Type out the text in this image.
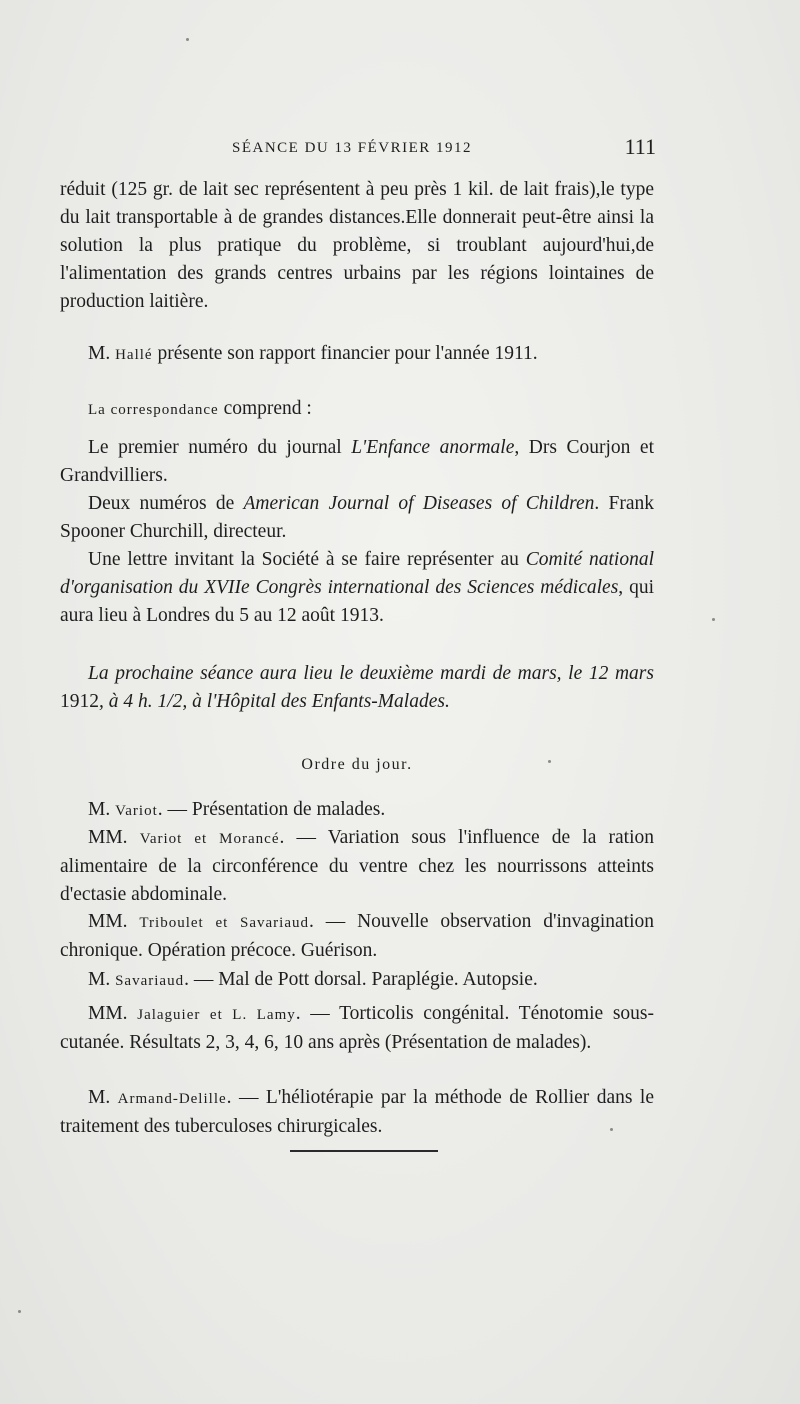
SÉANCE DU 13 FÉVRIER 1912	111

réduit (125 gr. de lait sec représentent à peu près 1 kil. de lait frais),le type du lait transportable à de grandes distances.Elle donnerait peut-être ainsi la solution la plus pratique du problème, si troublant aujourd'hui,de l'alimentation des grands centres urbains par les régions lointaines de production laitière.

M. Hallé présente son rapport financier pour l'année 1911.

La correspondance comprend :

Le premier numéro du journal L'Enfance anormale, Drs Courjon et Grandvilliers.

Deux numéros de American Journal of Diseases of Children. Frank Spooner Churchill, directeur.

Une lettre invitant la Société à se faire représenter au Comité national d'organisation du XVIIe Congrès international des Sciences médicales, qui aura lieu à Londres du 5 au 12 août 1913.

La prochaine séance aura lieu le deuxième mardi de mars, le 12 mars 1912, à 4 h. 1/2, à l'Hôpital des Enfants-Malades.

Ordre du jour.

M. Variot. — Présentation de malades.

MM. Variot et Morancé. — Variation sous l'influence de la ration alimentaire de la circonférence du ventre chez les nourrissons atteints d'ectasie abdominale.

MM. Triboulet et Savariaud. — Nouvelle observation d'invagination chronique. Opération précoce. Guérison.

M. Savariaud. — Mal de Pott dorsal. Paraplégie. Autopsie.

MM. Jalaguier et L. Lamy. — Torticolis congénital. Ténotomie sous-cutanée. Résultats 2, 3, 4, 6, 10 ans après (Présentation de malades).

M. Armand-Delille. — L'héliotérapie par la méthode de Rollier dans le traitement des tuberculoses chirurgicales.
